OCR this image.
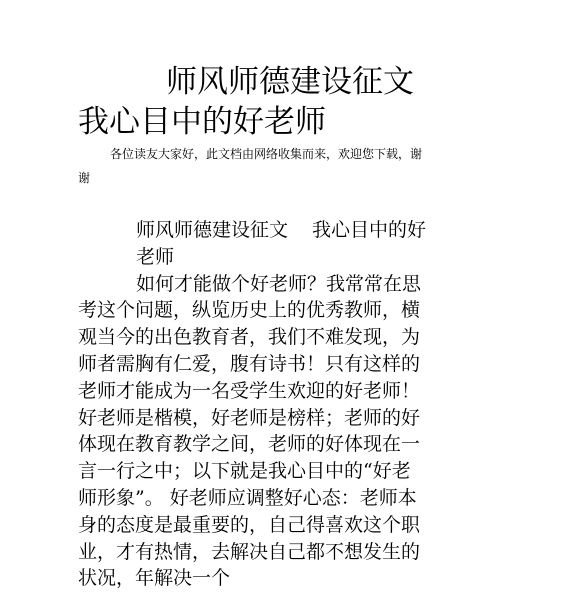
师风师德建设征文
我心目中的好老师
各位读友大家好，此文档由网络收集而来，欢迎您下载，谢谢

师风师德建设征文 我心目中的好老师

如何才能做个好老师？我常常在思考这个问题，纵览历史上的优秀教师，横观当今的出色教育者，我们不难发现，为师者需胸有仁爱，腹有诗书！只有这样的老师才能成为一名受学生欢迎的好老师！ 好老师是楷模，好老师是榜样；老师的好体现在教育教学之间，老师的好体现在一言一行之中；以下就是我心目中的“好老师形象”。 好老师应调整好心态：老师本身的态度是最重要的，自己得喜欢这个职业，才有热情，去解决自己都不想发生的状况，年解决一个
